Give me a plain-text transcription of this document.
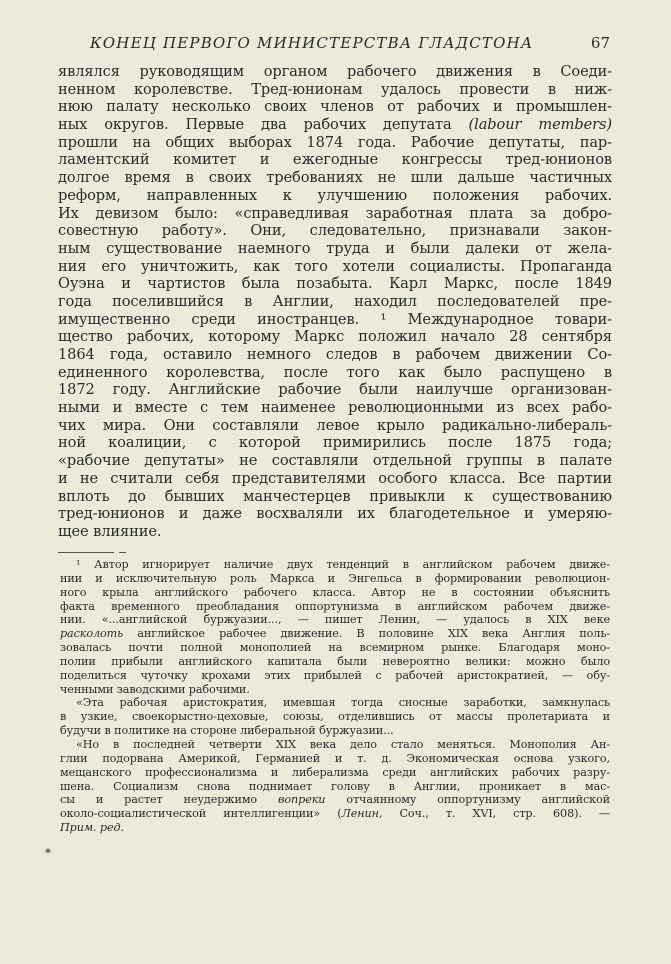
КОНЕЦ ПЕРВОГО МИНИСТЕРСТВА ГЛАДСТОНА	67
являлся руководящим органом рабочего движения в Соеди-
ненном королевстве. Тред-юнионам удалось провести в ниж-
нюю палату несколько своих членов от рабочих и промышлен-
ных округов. Первые два рабочих депутата (labour members)
прошли на общих выборах 1874 года. Рабочие депутаты, пар-
ламентский комитет и ежегодные конгрессы тред-юнионов
долгое время в своих требованиях не шли дальше частичных
реформ, направленных к улучшению положения рабочих.
Их девизом было: «справедливая заработная плата за добро-
совестную работу». Они, следовательно, признавали закон-
ным существование наемного труда и были далеки от жела-
ния его уничтожить, как того хотели социалисты. Пропаганда
Оуэна и чартистов была позабыта. Карл Маркс, после 1849
года поселившийся в Англии, находил последователей пре-
имущественно среди иностранцев. ¹ Международное товари-
щество рабочих, которому Маркс положил начало 28 сентября
1864 года, оставило немного следов в рабочем движении Со-
единенного королевства, после того как было распущено в
1872 году. Английские рабочие были наилучше организован-
ными и вместе с тем наименее революционными из всех рабо-
чих мира. Они составляли левое крыло радикально-либераль-
ной коалиции, с которой примирились после 1875 года;
«рабочие депутаты» не составляли отдельной группы в палате
и не считали себя представителями особого класса. Все партии
вплоть до бывших манчестерцев привыкли к существованию
тред-юнионов и даже восхваляли их благодетельное и умеряю-
щее влияние.
¹ Автор игнорирует наличие двух тенденций в английском рабочем движе-
нии и исключительную роль Маркса и Энгельса в формировании революцион-
ного крыла английского рабочего класса. Автор не в состоянии объяснить
факта временного преобладания оппортунизма в английском рабочем движе-
нии. «...английской буржуазии..., — пишет Ленин, — удалось в XIX веке
расколоть английское рабочее движение. В половине XIX века Англия поль-
зовалась почти полной монополией на всемирном рынке. Благодаря моно-
полии прибыли английского капитала были невероятно велики: можно было
поделиться чуточку крохами этих прибылей с рабочей аристократией, — обу-
ченными заводскими рабочими.
«Эта рабочая аристократия, имевшая тогда сносные заработки, замкнулась
в узкие, своекорыстно-цеховые, союзы, отделившись от массы пролетариата и
будучи в политике на стороне либеральной буржуазии...
«Но в последней четверти XIX века дело стало меняться. Монополия Ан-
глии подорвана Америкой, Германией и т. д. Экономическая основа узкого,
мещанского профессионализма и либерализма среди английских рабочих разру-
шена. Социализм снова поднимает голову в Англии, проникает в мас-
сы и растет неудержимо вопреки отчаянному оппортунизму английской
около-социалистической интеллигенции» (Ленин, Соч., т. XVI, стр. 608). —
Прим. ред.
*
